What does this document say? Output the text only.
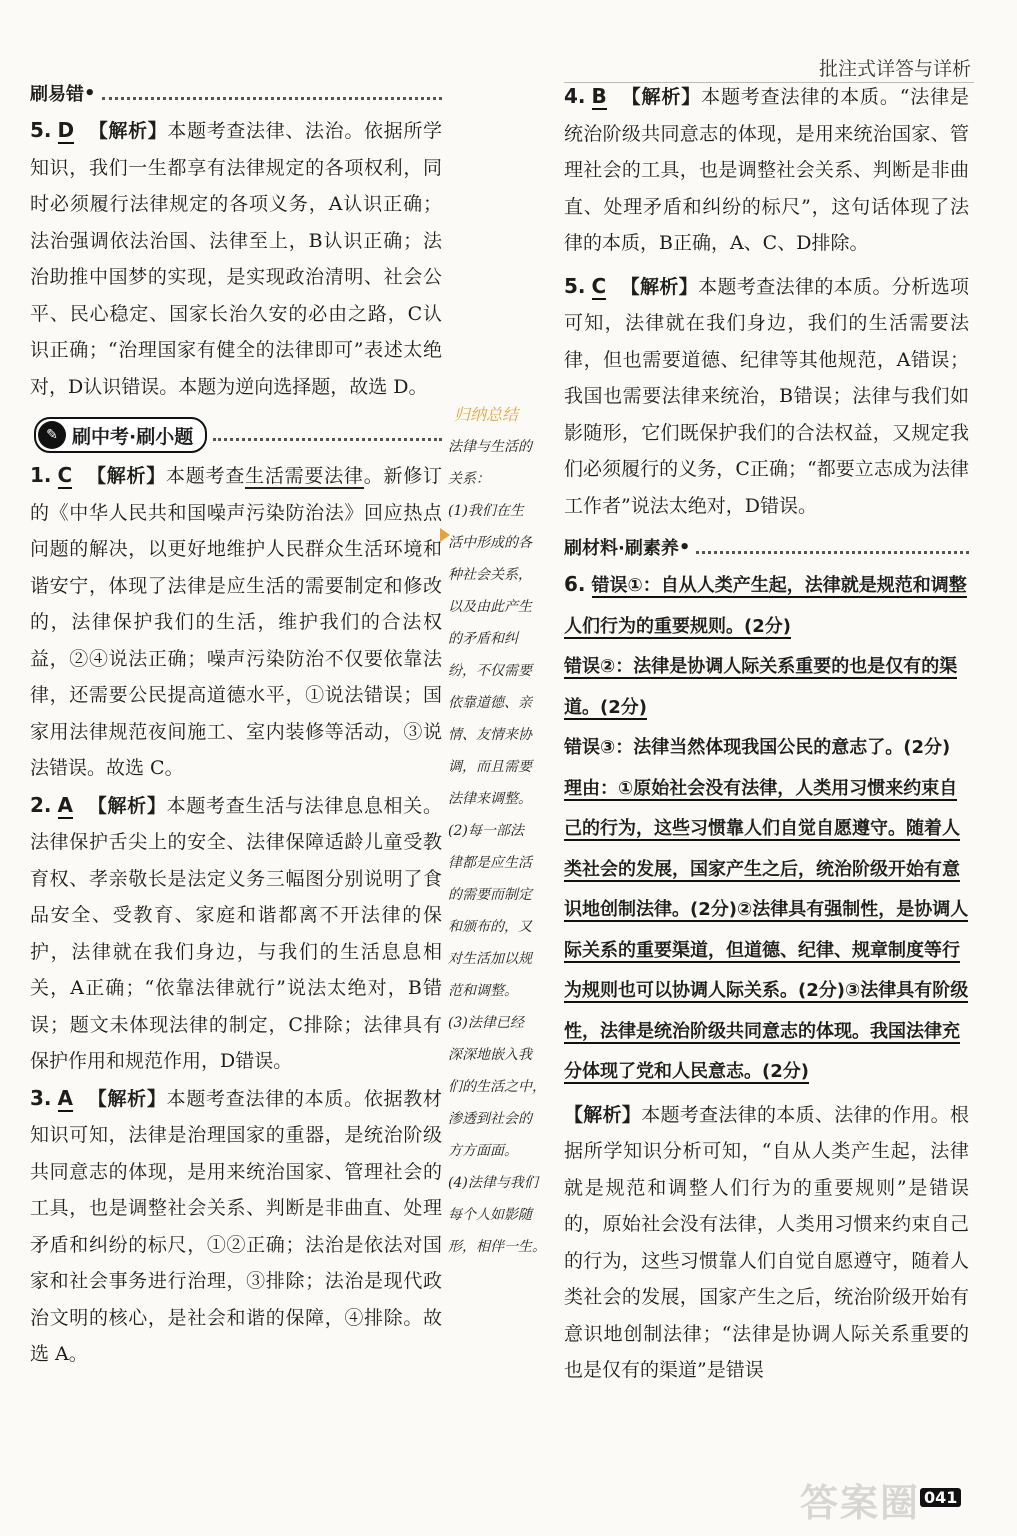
批注式详答与详析
刷易错 •
5. D 【解析】本题考查法律、法治。依据所学知识，我们一生都享有法律规定的各项权利，同时必须履行法律规定的各项义务，A认识正确；法治强调依法治国、法律至上，B认识正确；法治助推中国梦的实现，是实现政治清明、社会公平、民心稳定、国家长治久安的必由之路，C认识正确；“治理国家有健全的法律即可”表述太绝对，D认识错误。本题为逆向选择题，故选 D。
✎ 刷中考·刷小题
1. C 【解析】本题考查生活需要法律。新修订的《中华人民共和国噪声污染防治法》回应热点问题的解决，以更好地维护人民群众生活环境和谐安宁，体现了法律是应生活的需要制定和修改的，法律保护我们的生活，维护我们的合法权益，②④说法正确；噪声污染防治不仅要依靠法律，还需要公民提高道德水平，①说法错误；国家用法律规范夜间施工、室内装修等活动，③说法错误。故选 C。
2. A 【解析】本题考查生活与法律息息相关。法律保护舌尖上的安全、法律保障适龄儿童受教育权、孝亲敬长是法定义务三幅图分别说明了食品安全、受教育、家庭和谐都离不开法律的保护，法律就在我们身边，与我们的生活息息相关，A正确；“依靠法律就行”说法太绝对，B错误；题文未体现法律的制定，C排除；法律具有保护作用和规范作用，D错误。
3. A 【解析】本题考查法律的本质。依据教材知识可知，法律是治理国家的重器，是统治阶级共同意志的体现，是用来统治国家、管理社会的工具，也是调整社会关系、判断是非曲直、处理矛盾和纠纷的标尺，①②正确；法治是依法对国家和社会事务进行治理，③排除；法治是现代政治文明的核心，是社会和谐的保障，④排除。故选 A。
归纳总结
法律与生活的
关系：
(1)我们在生
活中形成的各
种社会关系，
以及由此产生
的矛盾和纠
纷，不仅需要
依靠道德、亲
情、友情来协
调，而且需要
法律来调整。
(2)每一部法
律都是应生活
的需要而制定
和颁布的，又
对生活加以规
范和调整。
(3)法律已经
深深地嵌入我
们的生活之中，
渗透到社会的
方方面面。
(4)法律与我们
每个人如影随
形，相伴一生。
4. B 【解析】本题考查法律的本质。“法律是统治阶级共同意志的体现，是用来统治国家、管理社会的工具，也是调整社会关系、判断是非曲直、处理矛盾和纠纷的标尺”，这句话体现了法律的本质，B正确，A、C、D排除。
5. C 【解析】本题考查法律的本质。分析选项可知，法律就在我们身边，我们的生活需要法律，但也需要道德、纪律等其他规范，A错误；我国也需要法律来统治，B错误；法律与我们如影随形，它们既保护我们的合法权益，又规定我们必须履行的义务，C正确；“都要立志成为法律工作者”说法太绝对，D错误。
刷材料·刷素养 •
6. 错误①：自从人类产生起，法律就是规范和调整人们行为的重要规则。(2分)
错误②：法律是协调人际关系重要的也是仅有的渠道。(2分)
错误③：法律当然体现我国公民的意志了。(2分)
理由：①原始社会没有法律，人类用习惯来约束自己的行为，这些习惯靠人们自觉自愿遵守。随着人类社会的发展，国家产生之后，统治阶级开始有意识地创制法律。(2分)②法律具有强制性，是协调人际关系的重要渠道，但道德、纪律、规章制度等行为规则也可以协调人际关系。(2分)③法律具有阶级性，法律是统治阶级共同意志的体现。我国法律充分体现了党和人民意志。(2分)
【解析】本题考查法律的本质、法律的作用。根据所学知识分析可知，“自从人类产生起，法律就是规范和调整人们行为的重要规则”是错误的，原始社会没有法律，人类用习惯来约束自己的行为，这些习惯靠人们自觉自愿遵守，随着人类社会的发展，国家产生之后，统治阶级开始有意识地创制法律；“法律是协调人际关系重要的也是仅有的渠道”是错误
答案圈 041
